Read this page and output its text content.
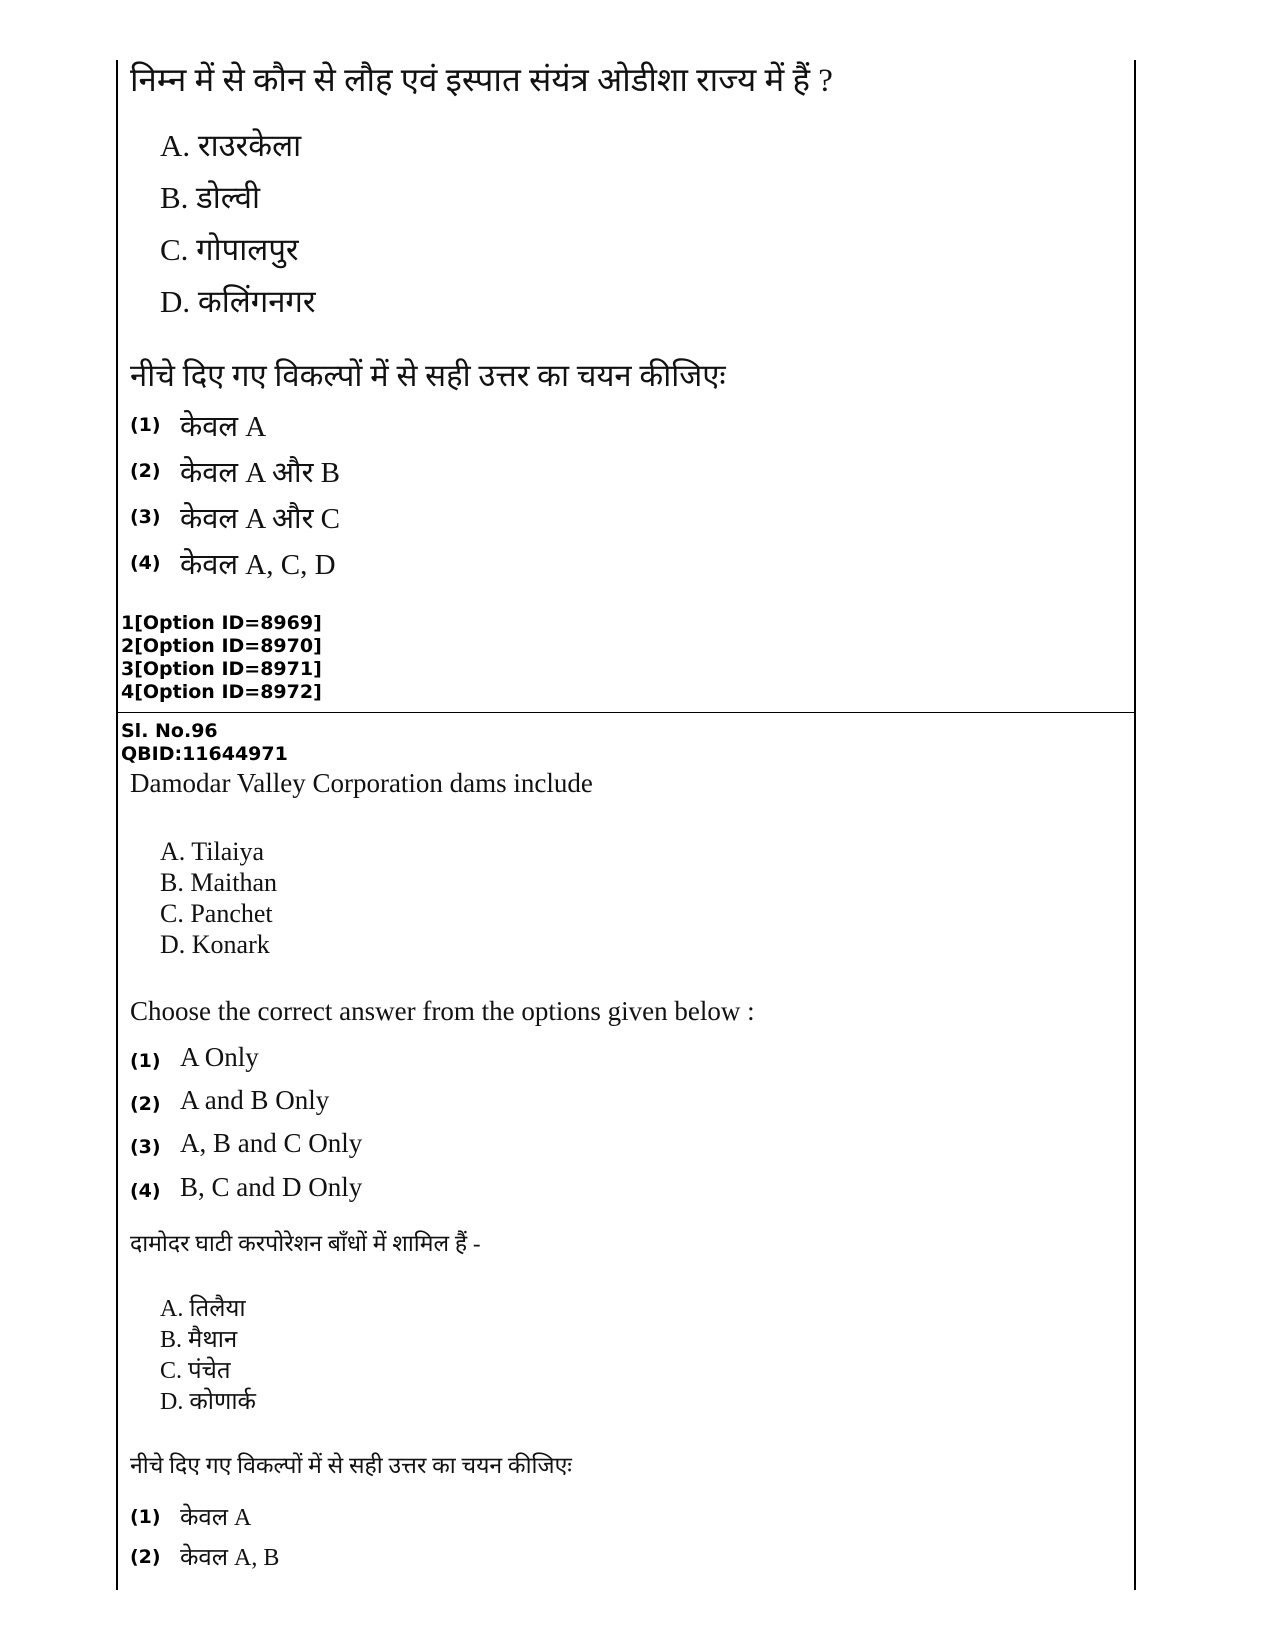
निम्न में से कौन से लौह एवं इस्पात संयंत्र ओडीशा राज्य में हैं ?
A. राउरकेला
B. डोल्वी
C. गोपालपुर
D. कलिंगनगर
नीचे दिए गए विकल्पों में से सही उत्तर का चयन कीजिएः
(1) केवल A
(2) केवल A और B
(3) केवल A और C
(4) केवल A, C, D
1[Option ID=8969]
2[Option ID=8970]
3[Option ID=8971]
4[Option ID=8972]
Sl. No.96
QBID:11644971
Damodar Valley Corporation dams include
A. Tilaiya
B. Maithan
C. Panchet
D. Konark
Choose the correct answer from the options given below :
(1) A Only
(2) A and B Only
(3) A, B and C Only
(4) B, C and D Only
दामोदर घाटी करपोरेशन बाँधों में शामिल हैं -
A. तिलैया
B. मैथान
C. पंचेत
D. कोणार्क
नीचे दिए गए विकल्पों में से सही उत्तर का चयन कीजिएः
(1) केवल A
(2) केवल A, B
